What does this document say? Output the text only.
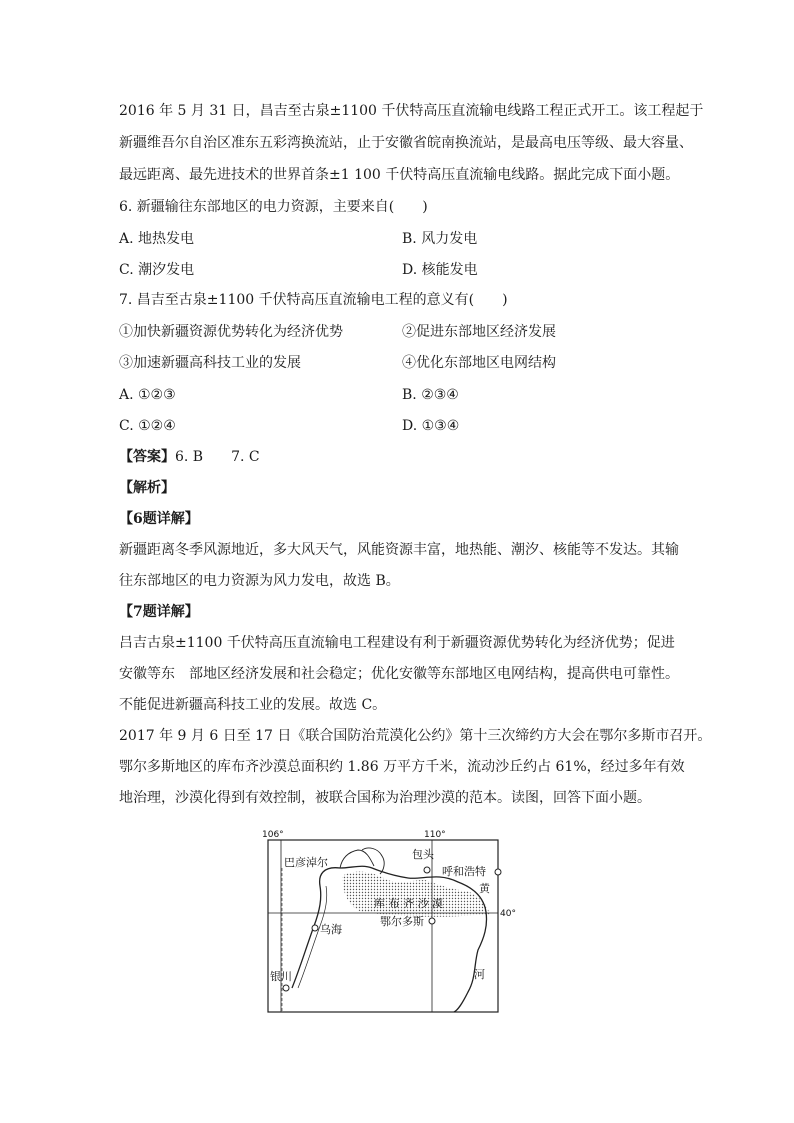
2016 年 5 月 31 日，昌吉至古泉±1100 千伏特高压直流输电线路工程正式开工。该工程起于
新疆维吾尔自治区准东五彩湾换流站，止于安徽省皖南换流站，是最高电压等级、最大容量、
最远距离、最先进技术的世界首条±1 100 千伏特高压直流输电线路。据此完成下面小题。
6. 新疆输往东部地区的电力资源，主要来自(　　)
A. 地热发电	B. 风力发电
C. 潮汐发电	D. 核能发电
7. 昌吉至古泉±1100 千伏特高压直流输电工程的意义有(　　)
①加快新疆资源优势转化为经济优势	②促进东部地区经济发展
③加速新疆高科技工业的发展	④优化东部地区电网结构
A. ①②③	B. ②③④
C. ①②④	D. ①③④
【答案】6. B　　7. C
【解析】
【6题详解】
新疆距离冬季风源地近，多大风天气，风能资源丰富，地热能、潮汐、核能等不发达。其输
往东部地区的电力资源为风力发电，故选 B。
【7题详解】
吕吉古泉±1100 千伏特高压直流输电工程建设有利于新疆资源优势转化为经济优势；促进
安徽等东　部地区经济发展和社会稳定；优化安徽等东部地区电网结构，提高供电可靠性。
不能促进新疆高科技工业的发展。故选 C。
2017 年 9 月 6 日至 17 日《联合国防治荒漠化公约》第十三次缔约方大会在鄂尔多斯市召开。
鄂尔多斯地区的库布齐沙漠总面积约 1.86 万平方千米，流动沙丘约占 61%，经过多年有效
地治理，沙漠化得到有效控制，被联合国称为治理沙漠的范本。读图，回答下面小题。
106°	110°
40°
巴彦淖尔
包头
呼和浩特
黄
库 布 齐 沙 漠
乌海
鄂尔多斯
银川	河
